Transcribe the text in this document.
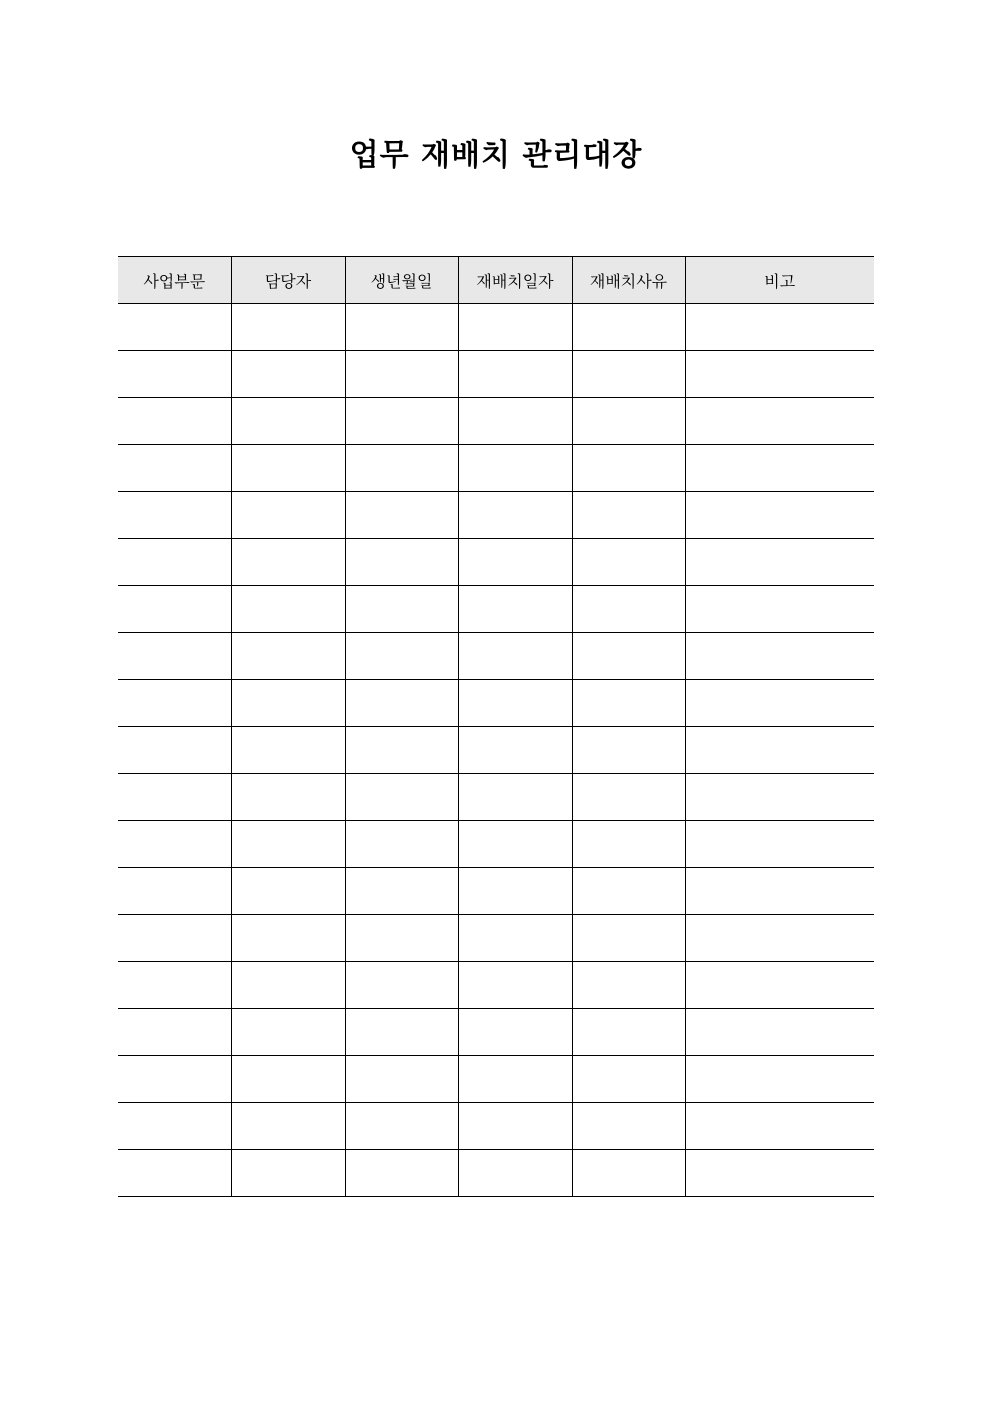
업무 재배치 관리대장
사업부문	담당자	생년월일	재배치일자	재배치사유	비고
